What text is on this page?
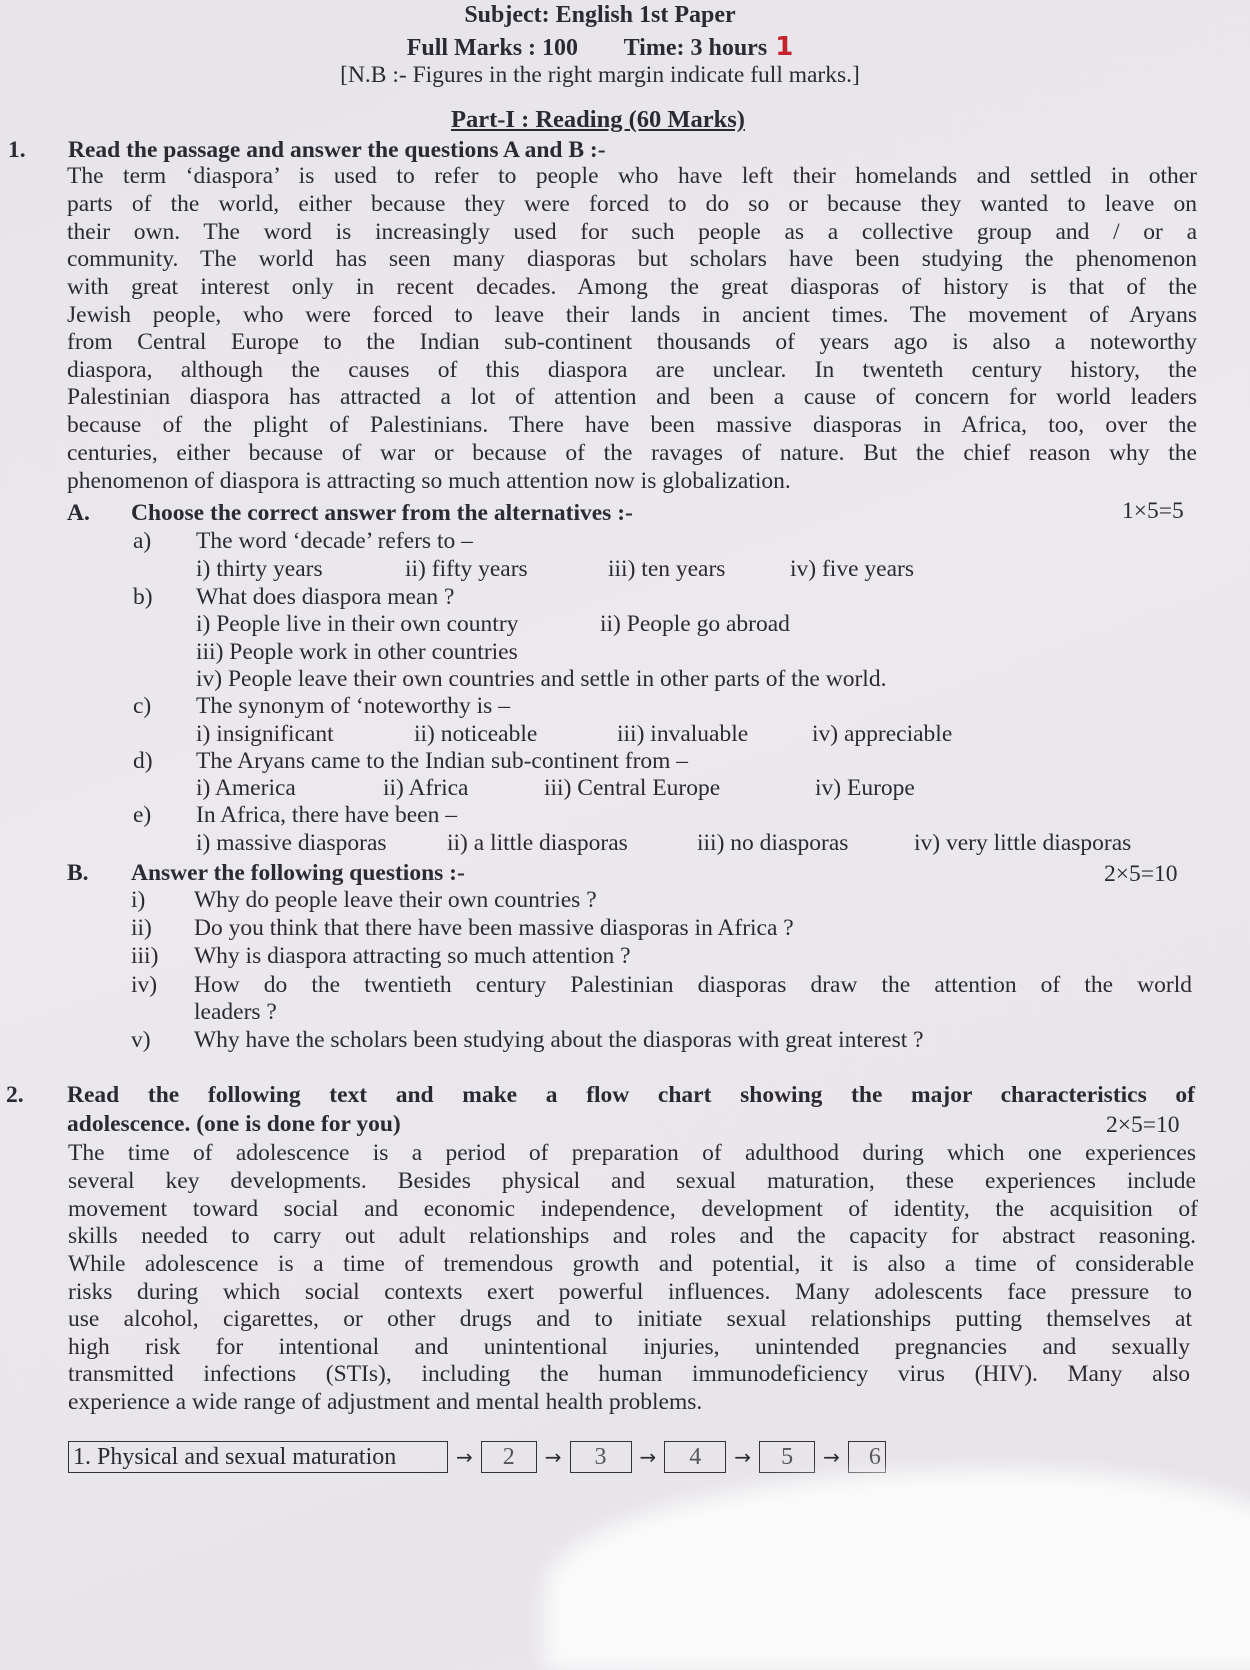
Subject: English 1st Paper
Full Marks : 100 Time: 3 hours 1
[N.B :- Figures in the right margin indicate full marks.]
Part-I : Reading (60 Marks)
1. Read the passage and answer the questions A and B :-
The term ‘diaspora’ is used to refer to people who have left their homelands and settled in other
parts of the world, either because they were forced to do so or because they wanted to leave on
their own. The word is increasingly used for such people as a collective group and / or a
community. The world has seen many diasporas but scholars have been studying the phenomenon
with great interest only in recent decades. Among the great diasporas of history is that of the
Jewish people, who were forced to leave their lands in ancient times. The movement of Aryans
from Central Europe to the Indian sub-continent thousands of years ago is also a noteworthy
diaspora, although the causes of this diaspora are unclear. In twenteth century history, the
Palestinian diaspora has attracted a lot of attention and been a cause of concern for world leaders
because of the plight of Palestinians. There have been massive diasporas in Africa, too, over the
centuries, either because of war or because of the ravages of nature. But the chief reason why the
phenomenon of diaspora is attracting so much attention now is globalization.
A. Choose the correct answer from the alternatives :-	1×5=5
a) The word ‘decade’ refers to –
i) thirty years	ii) fifty years	iii) ten years	iv) five years
b) What does diaspora mean ?
i) People live in their own country	ii) People go abroad
iii) People work in other countries
iv) People leave their own countries and settle in other parts of the world.
c) The synonym of ‘noteworthy is –
i) insignificant	ii) noticeable	iii) invaluable	iv) appreciable
d) The Aryans came to the Indian sub-continent from –
i) America	ii) Africa	iii) Central Europe	iv) Europe
e) In Africa, there have been –
i) massive diasporas	ii) a little diasporas	iii) no diasporas	iv) very little diasporas
B. Answer the following questions :-	2×5=10
i) Why do people leave their own countries ?
ii) Do you think that there have been massive diasporas in Africa ?
iii) Why is diaspora attracting so much attention ?
iv) How do the twentieth century Palestinian diasporas draw the attention of the world
leaders ?
v) Why have the scholars been studying about the diasporas with great interest ?
2. Read the following text and make a flow chart showing the major characteristics of
adolescence. (one is done for you)	2×5=10
The time of adolescence is a period of preparation of adulthood during which one experiences
several key developments. Besides physical and sexual maturation, these experiences include
movement toward social and economic independence, development of identity, the acquisition of
skills needed to carry out adult relationships and roles and the capacity for abstract reasoning.
While adolescence is a time of tremendous growth and potential, it is also a time of considerable
risks during which social contexts exert powerful influences. Many adolescents face pressure to
use alcohol, cigarettes, or other drugs and to initiate sexual relationships putting themselves at
high risk for intentional and unintentional injuries, unintended pregnancies and sexually
transmitted infections (STIs), including the human immunodeficiency virus (HIV). Many also
experience a wide range of adjustment and mental health problems.
1. Physical and sexual maturation	→	2	→	3	→	4	→	5	→	6
